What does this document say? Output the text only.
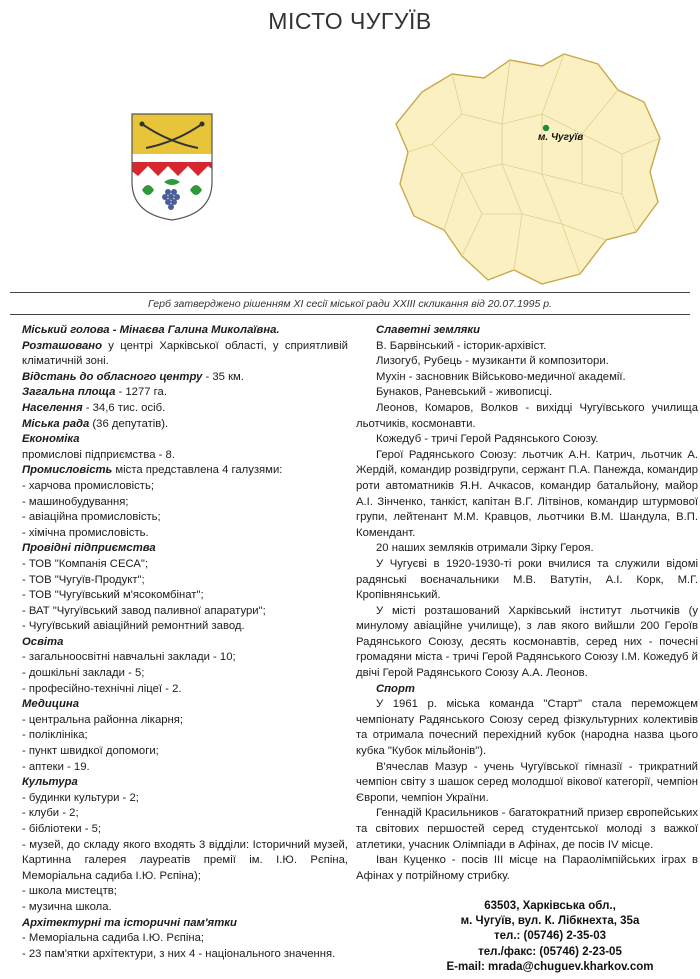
МІСТО ЧУГУЇВ
м. Чугуїв
Герб затверджено рішенням XI сесії міської ради XXIII скликання від 20.07.1995 р.

Міський голова - Мінаєва Галина Миколаївна.

Розташовано у центрі Харківської області, у сприятливій кліматичній зоні.

Відстань до обласного центру - 35 км.

Загальна площа - 1277 га.

Населення - 34,6 тис. осіб.

Міська рада (36 депутатів).

Економіка

промислові підприємства - 8.

Промисловість міста представлена 4 галузями:

- харчова промисловість;

- машинобудування;

- авіаційна промисловість;

- хімічна промисловість.

Провідні підприємства

- ТОВ "Компанія СЕСА";

- ТОВ "Чугуїв-Продукт";

- ТОВ "Чугуївський м'ясокомбінат";

- ВАТ "Чугуївський завод паливної апаратури";

- Чугуївський авіаційний ремонтний завод.

Освіта

- загальноосвітні навчальні заклади - 10;

- дошкільні заклади - 5;

- професійно-технічні ліцеї - 2.

Медицина

- центральна районна лікарня;

- поліклініка;

- пункт швидкої допомоги;

- аптеки - 19.

Культура

- будинки культури - 2;

- клуби - 2;

- бібліотеки - 5;

- музей, до складу якого входять 3 відділи: Історичний музей, Картинна галерея лауреатів премії ім. І.Ю. Рєпіна, Меморіальна садиба І.Ю. Рєпіна);

- школа мистецтв;

- музична школа.

Архітектурні та історичні пам'ятки

- Меморіальна садиба І.Ю. Рєпіна;

- 23 пам'ятки архітектури, з них 4 - національного значення.

Славетні земляки

В. Барвінський - історик-архівіст.

Лизогуб, Рубець - музиканти й композитори.

Мухін - засновник Військово-медичної академії.

Бунаков, Раневський - живописці.

Леонов, Комаров, Волков - вихідці Чугуївського училища льотчиків, космонавти.

Кожедуб - тричі Герой Радянського Союзу.

Герої Радянського Союзу: льотчик А.Н. Катрич, льотчик А. Жердій, командир розвідгрупи, сержант П.А. Панежда, командир роти автоматників Я.Н. Ачкасов, командир батальйону, майор А.І. Зінченко, танкіст, капітан В.Г. Літвінов, командир штурмової групи, лейтенант М.М. Кравцов, льотчики В.М. Шандула, В.П. Комендант.

20 наших земляків отримали Зірку Героя.

У Чугуєві в 1920-1930-ті роки вчилися та служили відомі радянські воєначальники М.В. Ватутін, А.І. Корк, М.Г. Кропівнянський.

У місті розташований Харківський інститут льотчиків (у минулому авіаційне училище), з лав якого вийшли 200 Героїв Радянського Союзу, десять космонавтів, серед них - почесні громадяни міста - тричі Герой Радянського Союзу І.М. Кожедуб й двічі Герой Радянського Союзу А.А. Леонов.

Спорт

У 1961 р. міська команда "Старт" стала переможцем чемпіонату Радянського Союзу серед фізкультурних колективів та отримала почесний перехідний кубок (народна назва цього кубка "Кубок мільйонів").

В'ячеслав Мазур - учень Чугуївської гімназії - трикратний чемпіон світу з шашок серед молодшої вікової категорії, чемпіон Європи, чемпіон України.

Геннадій Красильников - багатократний призер європейських та світових першостей серед студентської молоді з важкої атлетики, учасник Олімпіади в Афінах, де посів IV місце.

Іван Куценко - посів III місце на Параолімпійських іграх в Афінах у потрійному стрибку.

63503, Харківська обл.,

м. Чугуїв, вул. К. Лібкнехта, 35а

тел.: (05746) 2-35-03

тел./факс: (05746) 2-23-05

E-mail: mrada@chuguev.kharkov.com
